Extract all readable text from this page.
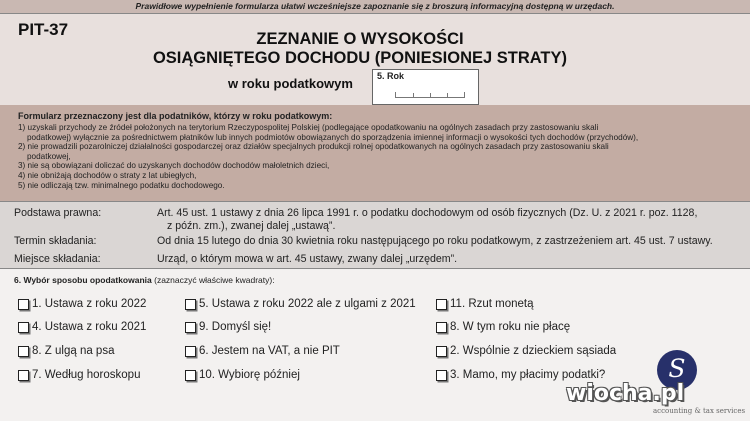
Prawidłowe wypełnienie formularza ułatwi wcześniejsze zapoznanie się z broszurą informacyjną dostępną w urzędach.
PIT-37	ZEZNANIE O WYSOKOŚCI
OSIĄGNIĘTEGO DOCHODU (PONIESIONEJ STRATY)
w roku podatkowym	5. Rok
Formularz przeznaczony jest dla podatników, którzy w roku podatkowym:
1) uzyskali przychody ze źródeł położonych na terytorium Rzeczypospolitej Polskiej (podlegające opodatkowaniu na ogólnych zasadach przy zastosowaniu skali
podatkowej) wyłącznie za pośrednictwem płatników lub innych podmiotów obowiązanych do sporządzenia imiennej informacji o wysokości tych dochodów (przychodów),
2) nie prowadzili pozarolniczej działalności gospodarczej oraz działów specjalnych produkcji rolnej opodatkowanych na ogólnych zasadach przy zastosowaniu skali
podatkowej,
3) nie są obowiązani doliczać do uzyskanych dochodów dochodów małoletnich dzieci,
4) nie obniżają dochodów o straty z lat ubiegłych,
5) nie odliczają tzw. minimalnego podatku dochodowego.
Podstawa prawna:	Art. 45 ust. 1 ustawy z dnia 26 lipca 1991 r. o podatku dochodowym od osób fizycznych (Dz. U. z 2021 r. poz. 1128,
z późn. zm.), zwanej dalej „ustawą”.
Termin składania:	Od dnia 15 lutego do dnia 30 kwietnia roku następującego po roku podatkowym, z zastrzeżeniem art. 45 ust. 7 ustawy.
Miejsce składania:	Urząd, o którym mowa w art. 45 ustawy, zwany dalej „urzędem”.
6. Wybór sposobu opodatkowania (zaznaczyć właściwe kwadraty):
1. Ustawa z roku 2022	5. Ustawa z roku 2022 ale z ulgami z 2021	11. Rzut monetą
4. Ustawa z roku 2021	9. Domyśl się!	8. W tym roku nie płacę
8. Z ulgą na psa	6. Jestem na VAT, a nie PIT	2. Wspólnie z dzieckiem sąsiada
7. Według horoskopu	10. Wybiorę później	3. Mamo, my płacimy podatki?	S
accounting & tax services
wiocha.pl
